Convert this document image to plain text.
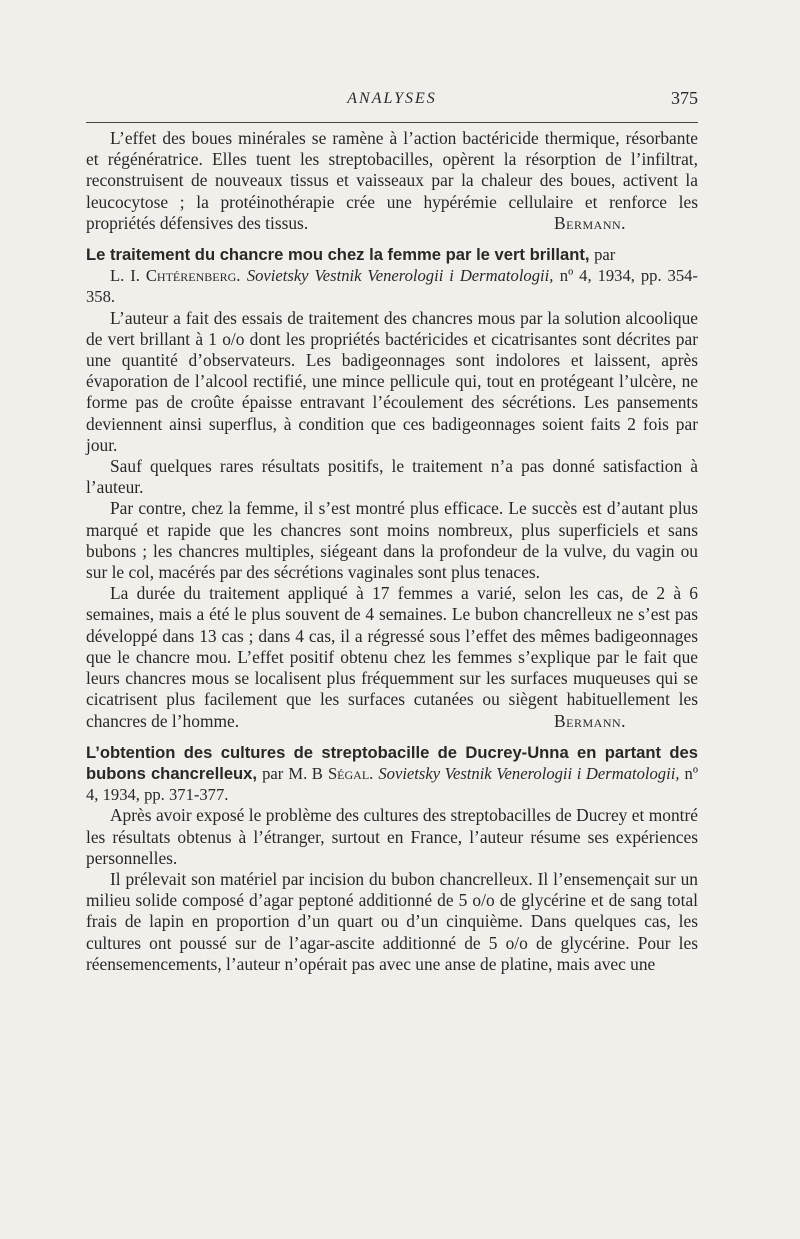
ANALYSES	375

L’effet des boues minérales se ramène à l’action bactéricide thermique, résorbante et régénératrice. Elles tuent les streptobacilles, opèrent la résorption de l’infiltrat, reconstruisent de nouveaux tissus et vaisseaux par la chaleur des boues, activent la leucocytose ; la protéinothérapie crée une hypérémie cellulaire et renforce les propriétés défensives des tissus.	Bermann.

Le traitement du chancre mou chez la femme par le vert brillant, par
L. I. Chtérenberg. Sovietsky Vestnik Venerologii i Dermatologii, nº 4, 1934, pp. 354-358.

L’auteur a fait des essais de traitement des chancres mous par la solution alcoolique de vert brillant à 1 o/o dont les propriétés bactéricides et cicatrisantes sont décrites par une quantité d’observateurs. Les badigeonnages sont indolores et laissent, après évaporation de l’alcool rectifié, une mince pellicule qui, tout en protégeant l’ulcère, ne forme pas de croûte épaisse entravant l’écoulement des sécrétions. Les pansements deviennent ainsi superflus, à condition que ces badigeonnages soient faits 2 fois par jour.

Sauf quelques rares résultats positifs, le traitement n’a pas donné satisfaction à l’auteur.

Par contre, chez la femme, il s’est montré plus efficace. Le succès est d’autant plus marqué et rapide que les chancres sont moins nombreux, plus superficiels et sans bubons ; les chancres multiples, siégeant dans la profondeur de la vulve, du vagin ou sur le col, macérés par des sécrétions vaginales sont plus tenaces.

La durée du traitement appliqué à 17 femmes a varié, selon les cas, de 2 à 6 semaines, mais a été le plus souvent de 4 semaines. Le bubon chancrelleux ne s’est pas développé dans 13 cas ; dans 4 cas, il a régressé sous l’effet des mêmes badigeonnages que le chancre mou. L’effet positif obtenu chez les femmes s’explique par le fait que leurs chancres mous se localisent plus fréquemment sur les surfaces muqueuses qui se cicatrisent plus facilement que les surfaces cutanées ou siègent habituellement les chancres de l’homme.	Bermann.

L’obtention des cultures de streptobacille de Ducrey-Unna en partant des bubons chancrelleux, par M. B Ségal. Sovietsky Vestnik Venerologii i Dermatologii, nº 4, 1934, pp. 371-377.

Après avoir exposé le problème des cultures des streptobacilles de Ducrey et montré les résultats obtenus à l’étranger, surtout en France, l’auteur résume ses expériences personnelles.

Il prélevait son matériel par incision du bubon chancrelleux. Il l’ensemençait sur un milieu solide composé d’agar peptoné additionné de 5 o/o de glycérine et de sang total frais de lapin en proportion d’un quart ou d’un cinquième. Dans quelques cas, les cultures ont poussé sur de l’agar-ascite additionné de 5 o/o de glycérine. Pour les réensemencements, l’auteur n’opérait pas avec une anse de platine, mais avec une
